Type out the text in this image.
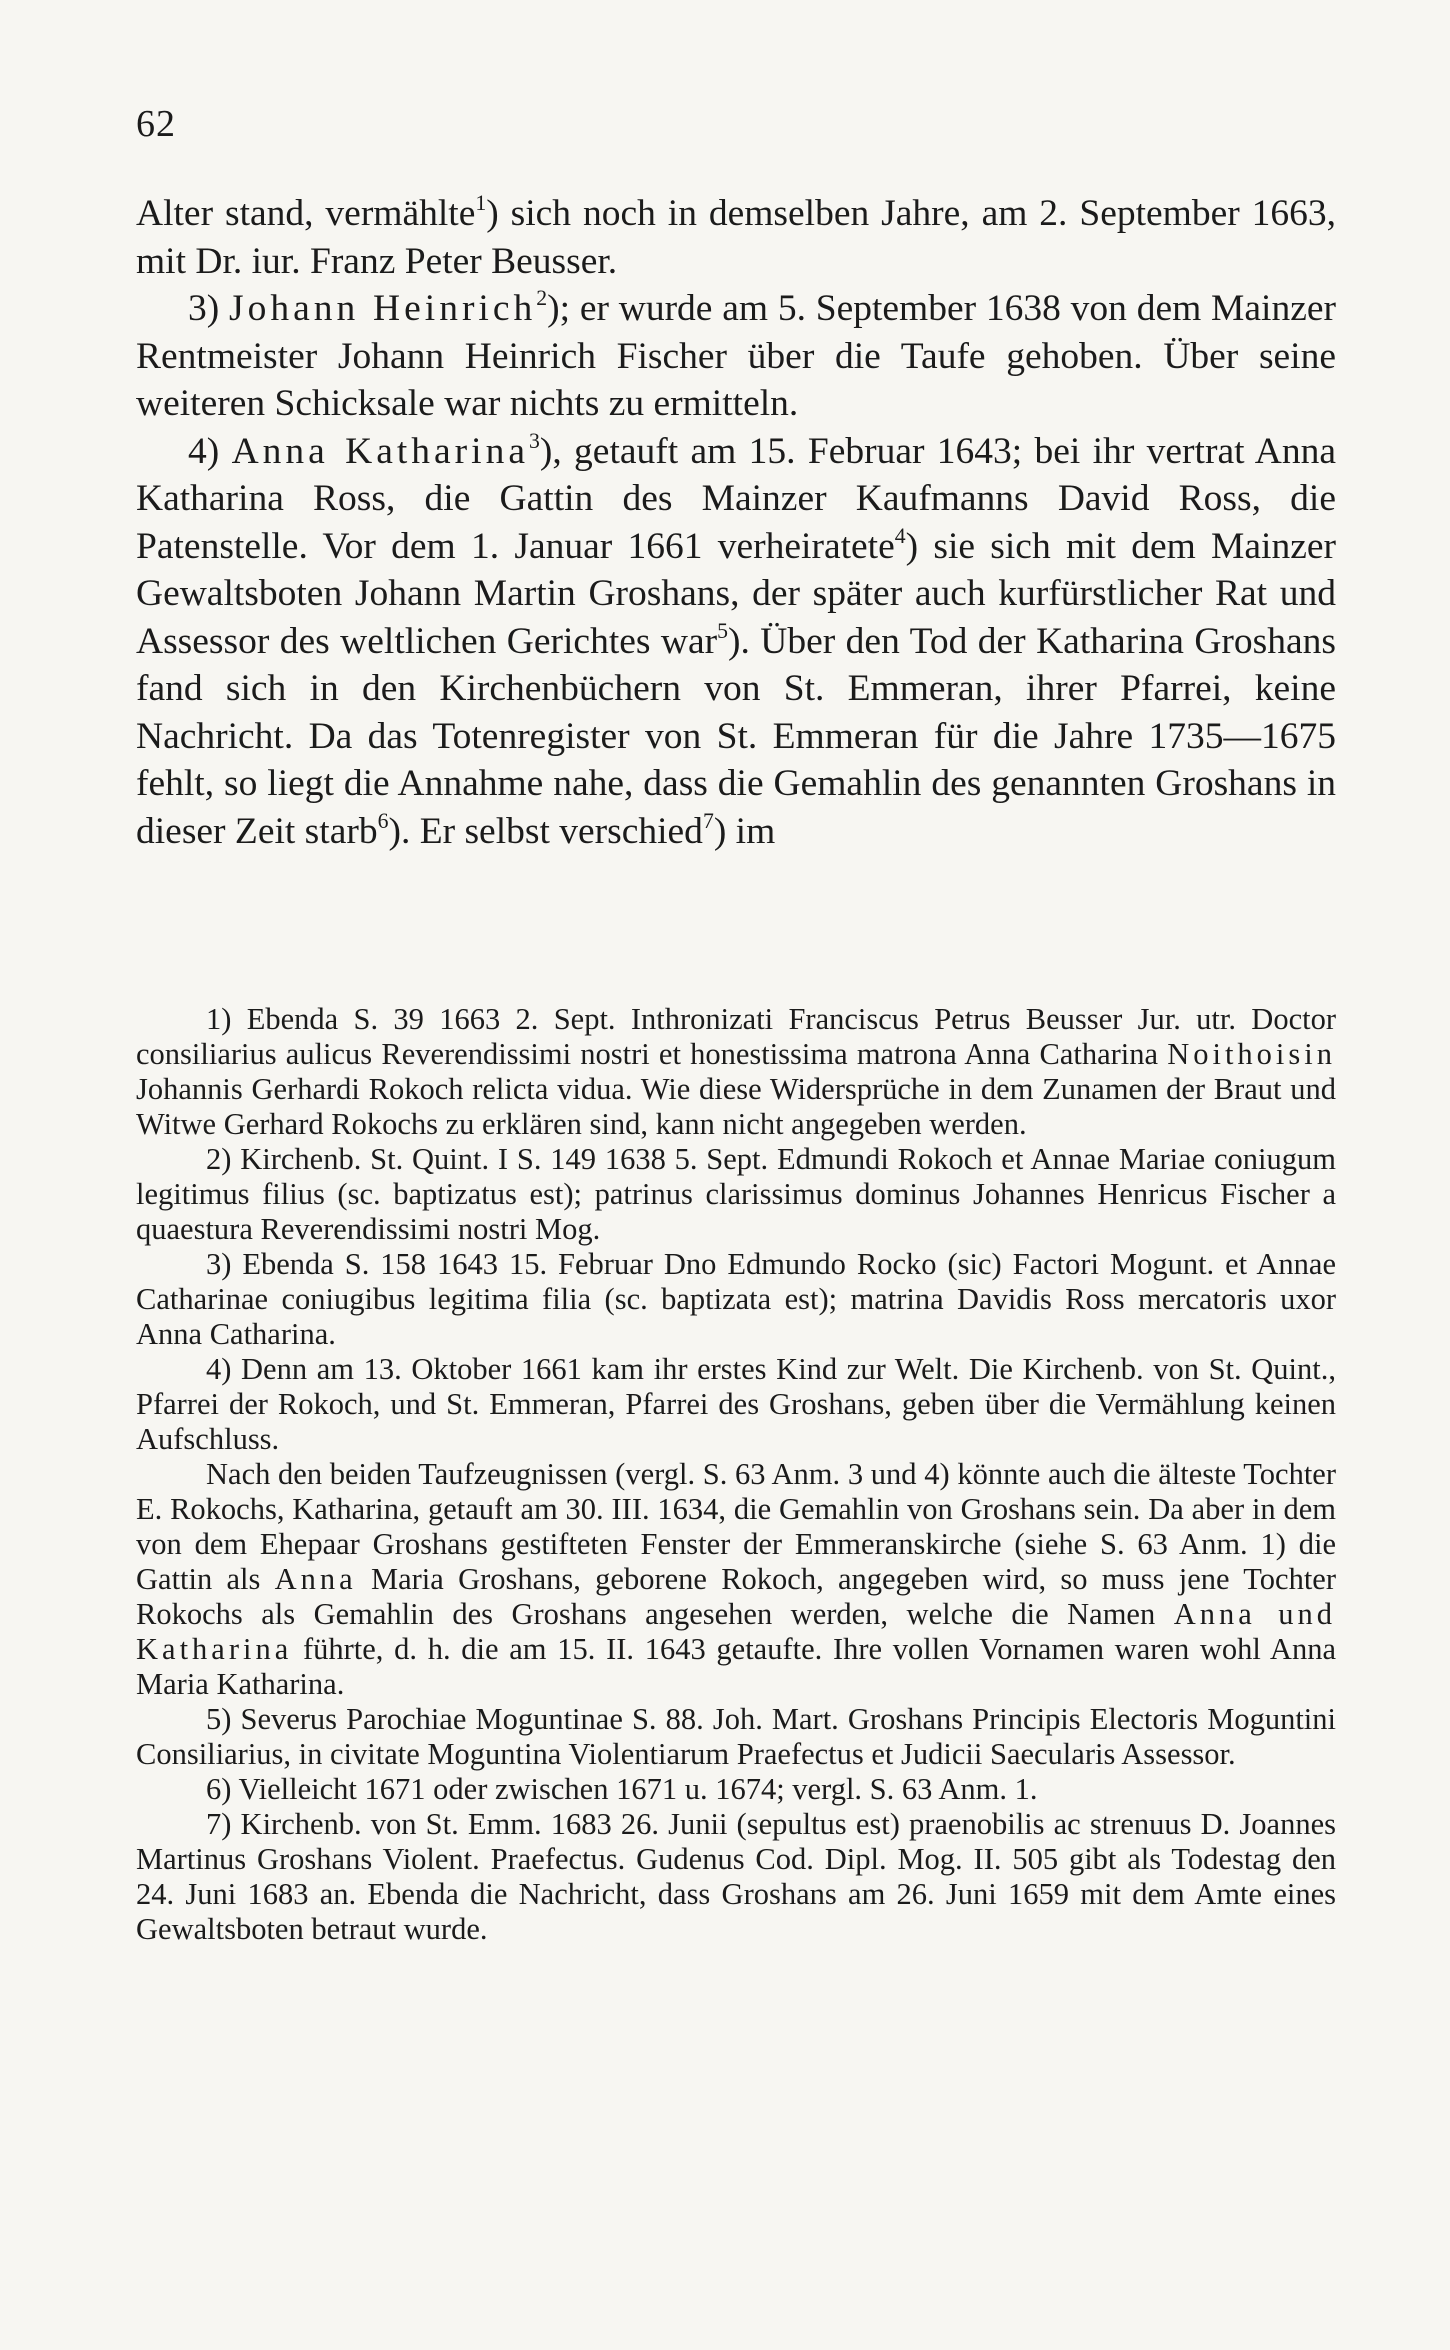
62

Alter stand, vermählte$^1$) sich noch in demselben Jahre, am 2. September 1663, mit Dr. iur. Franz Peter Beusser.

3) Johann Heinrich$^2$); er wurde am 5. September 1638 von dem Mainzer Rentmeister Johann Heinrich Fischer über die Taufe gehoben. Über seine weiteren Schicksale war nichts zu ermitteln.

4) Anna Katharina$^3$), getauft am 15. Februar 1643; bei ihr vertrat Anna Katharina Ross, die Gattin des Mainzer Kaufmanns David Ross, die Patenstelle. Vor dem 1. Januar 1661 verheiratete$^4$) sie sich mit dem Mainzer Gewaltsboten Johann Martin Groshans, der später auch kurfürstlicher Rat und Assessor des weltlichen Gerichtes war$^5$). Über den Tod der Katharina Groshans fand sich in den Kirchenbüchern von St. Emmeran, ihrer Pfarrei, keine Nachricht. Da das Totenregister von St. Emmeran für die Jahre 1735—1675 fehlt, so liegt die Annahme nahe, dass die Gemahlin des genannten Groshans in dieser Zeit starb$^6$). Er selbst verschied$^7$) im

1) Ebenda S. 39 1663 2. Sept. Inthronizati Franciscus Petrus Beusser Jur. utr. Doctor consiliarius aulicus Reverendissimi nostri et honestissima matrona Anna Catharina Noithoisin Johannis Gerhardi Rokoch relicta vidua. Wie diese Widersprüche in dem Zunamen der Braut und Witwe Gerhard Rokochs zu erklären sind, kann nicht angegeben werden.

2) Kirchenb. St. Quint. I S. 149 1638 5. Sept. Edmundi Rokoch et Annae Mariae coniugum legitimus filius (sc. baptizatus est); patrinus clarissimus dominus Johannes Henricus Fischer a quaestura Reverendissimi nostri Mog.

3) Ebenda S. 158 1643 15. Februar Dno Edmundo Rocko (sic) Factori Mogunt. et Annae Catharinae coniugibus legitima filia (sc. baptizata est); matrina Davidis Ross mercatoris uxor Anna Catharina.

4) Denn am 13. Oktober 1661 kam ihr erstes Kind zur Welt. Die Kirchenb. von St. Quint., Pfarrei der Rokoch, und St. Emmeran, Pfarrei des Groshans, geben über die Vermählung keinen Aufschluss.

Nach den beiden Taufzeugnissen (vergl. S. 63 Anm. 3 und 4) könnte auch die älteste Tochter E. Rokochs, Katharina, getauft am 30. III. 1634, die Gemahlin von Groshans sein. Da aber in dem von dem Ehepaar Groshans gestifteten Fenster der Emmeranskirche (siehe S. 63 Anm. 1) die Gattin als Anna Maria Groshans, geborene Rokoch, angegeben wird, so muss jene Tochter Rokochs als Gemahlin des Groshans angesehen werden, welche die Namen Anna und Katharina führte, d. h. die am 15. II. 1643 getaufte. Ihre vollen Vornamen waren wohl Anna Maria Katharina.

5) Severus Parochiae Moguntinae S. 88. Joh. Mart. Groshans Principis Electoris Moguntini Consiliarius, in civitate Moguntina Violentiarum Praefectus et Judicii Saecularis Assessor.

6) Vielleicht 1671 oder zwischen 1671 u. 1674; vergl. S. 63 Anm. 1.

7) Kirchenb. von St. Emm. 1683 26. Junii (sepultus est) praenobilis ac strenuus D. Joannes Martinus Groshans Violent. Praefectus. Gudenus Cod. Dipl. Mog. II. 505 gibt als Todestag den 24. Juni 1683 an. Ebenda die Nachricht, dass Groshans am 26. Juni 1659 mit dem Amte eines Gewaltsboten betraut wurde.
